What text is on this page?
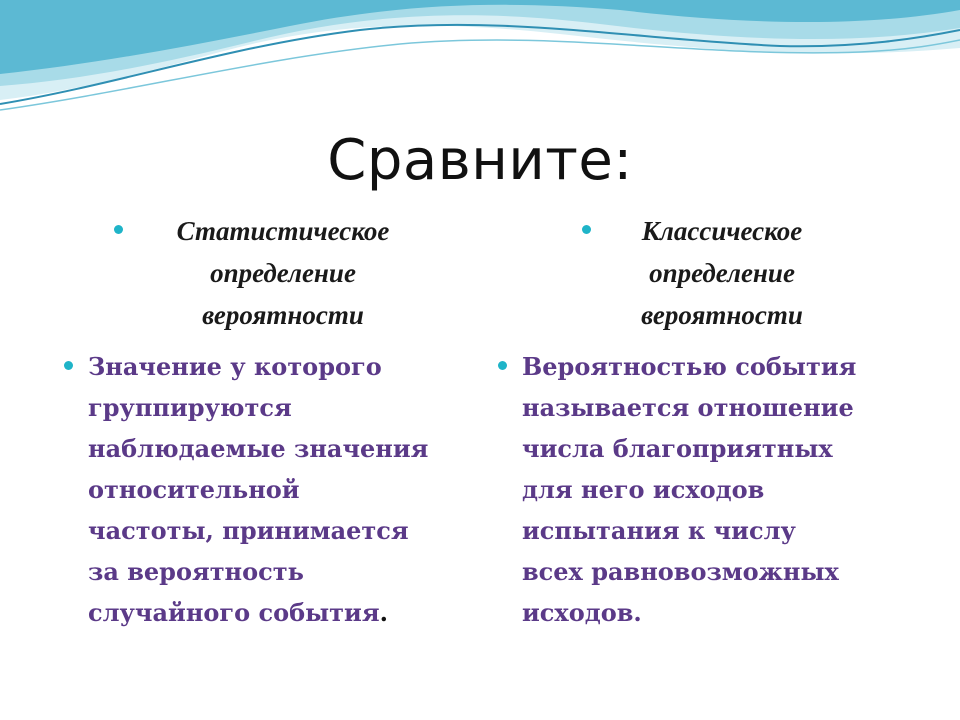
Сравните:
Статистическое определение вероятности
Значение у которого
группируются
наблюдаемые значения
относительной
частоты, принимается
за вероятность
случайного события.
Классическое определение вероятности
Вероятностью события
называется отношение
числа благоприятных
для него исходов
испытания к числу
всех равновозможных
исходов.
